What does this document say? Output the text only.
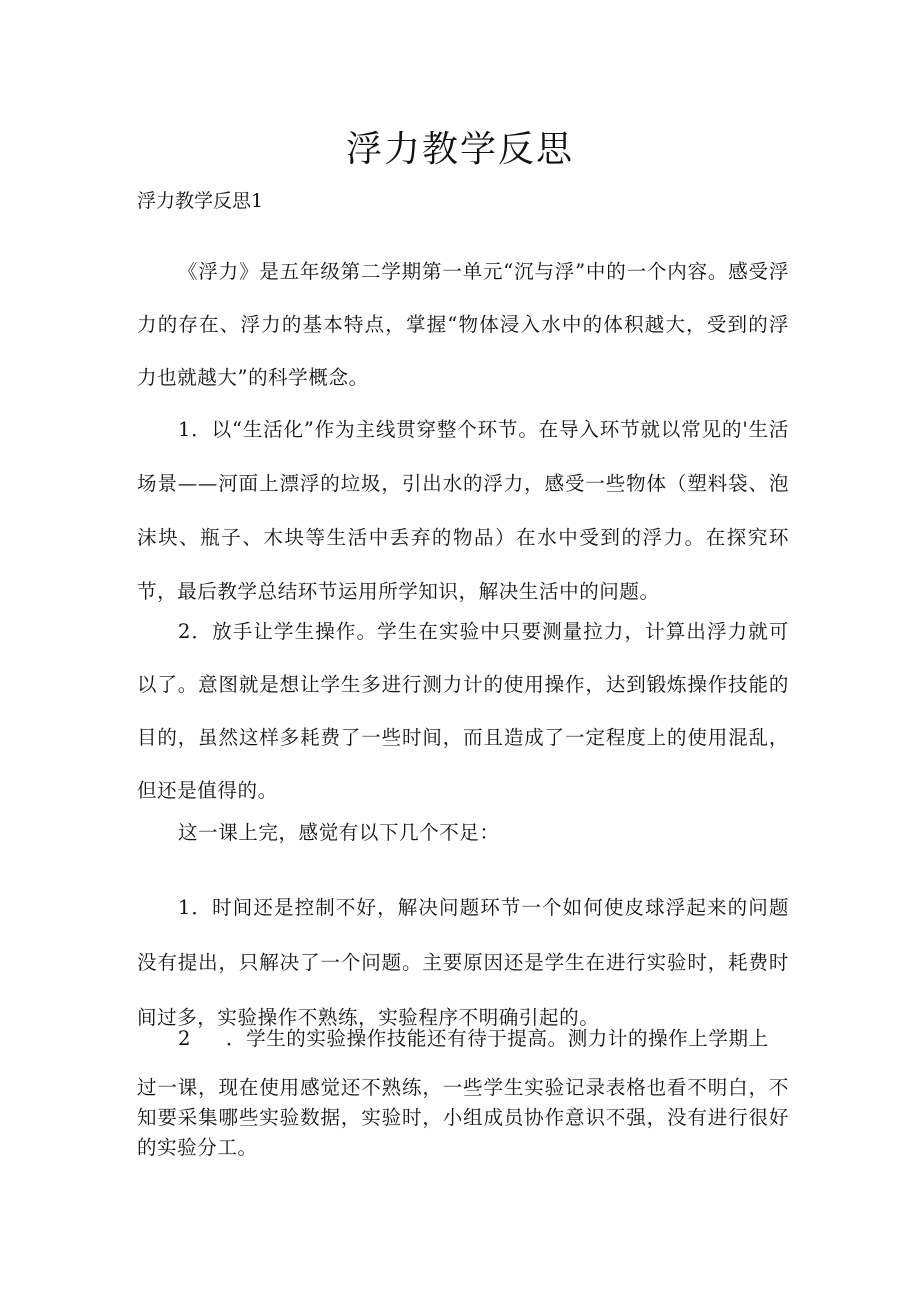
浮力教学反思

浮力教学反思1

《浮力》是五年级第二学期第一单元“沉与浮”中的一个内容。感受浮力的存在、浮力的基本特点，掌握“物体浸入水中的体积越大，受到的浮力也就越大”的科学概念。

1．以“生活化”作为主线贯穿整个环节。在导入环节就以常见的'生活场景——河面上漂浮的垃圾，引出水的浮力，感受一些物体（塑料袋、泡沫块、瓶子、木块等生活中丢弃的物品）在水中受到的浮力。在探究环节，最后教学总结环节运用所学知识，解决生活中的问题。

2．放手让学生操作。学生在实验中只要测量拉力，计算出浮力就可以了。意图就是想让学生多进行测力计的使用操作，达到锻炼操作技能的目的，虽然这样多耗费了一些时间，而且造成了一定程度上的使用混乱，但还是值得的。

这一课上完，感觉有以下几个不足：

1．时间还是控制不好，解决问题环节一个如何使皮球浮起来的问题没有提出，只解决了一个问题。主要原因还是学生在进行实验时，耗费时间过多，实验操作不熟练，实验程序不明确引起的。

2 ．学生的实验操作技能还有待于提高。测力计的操作上学期上

过一课，现在使用感觉还不熟练，一些学生实验记录表格也看不明白，不知要采集哪些实验数据，实验时，小组成员协作意识不强，没有进行很好的实验分工。
